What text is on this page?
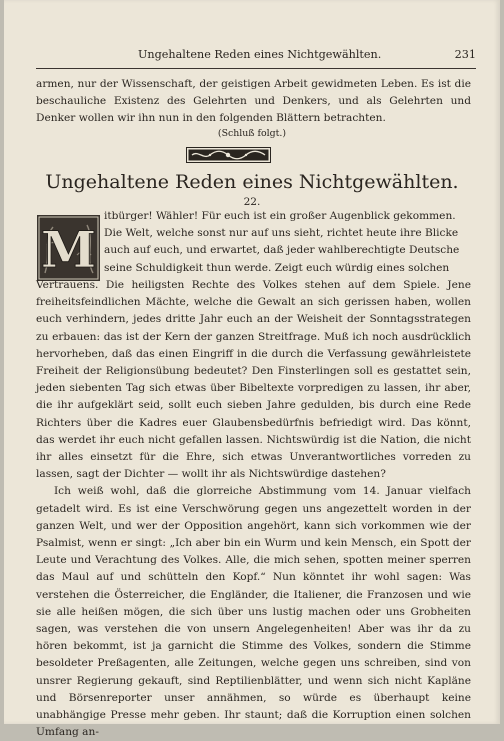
Ungehaltene Reden eines Nichtgewählten.	231

armen, nur der Wissenschaft, der geistigen Arbeit gewidmeten Leben. Es ist die beschauliche Existenz des Gelehrten und Denkers, und als Gelehrten und Denker wollen wir ihn nun in den folgenden Blättern betrachten.

(Schluß folgt.)
Ungehaltene Reden eines Nichtgewählten.
22.
M
itbürger! Wähler! Für euch ist ein großer Augenblick gekommen.
Die Welt, welche sonst nur auf uns sieht, richtet heute ihre Blicke
auch auf euch, und erwartet, daß jeder wahlberechtigte Deutsche
seine Schuldigkeit thun werde. Zeigt euch würdig eines solchen

Vertrauens. Die heiligsten Rechte des Volkes stehen auf dem Spiele. Jene freiheitsfeindlichen Mächte, welche die Gewalt an sich gerissen haben, wollen euch verhindern, jedes dritte Jahr euch an der Weisheit der Sonntagsstrategen zu erbauen: das ist der Kern der ganzen Streitfrage. Muß ich noch ausdrücklich hervorheben, daß das einen Eingriff in die durch die Verfassung gewährleistete Freiheit der Religionsübung bedeutet? Den Finsterlingen soll es gestattet sein, jeden siebenten Tag sich etwas über Bibeltexte vorpredigen zu lassen, ihr aber, die ihr aufgeklärt seid, sollt euch sieben Jahre gedulden, bis durch eine Rede Richters über die Kadres euer Glaubensbedürfnis befriedigt wird. Das könnt, das werdet ihr euch nicht gefallen lassen. Nichtswürdig ist die Nation, die nicht ihr alles einsetzt für die Ehre, sich etwas Unverantwortliches vorreden zu lassen, sagt der Dichter — wollt ihr als Nichtswürdige dastehen?

Ich weiß wohl, daß die glorreiche Abstimmung vom 14. Januar vielfach getadelt wird. Es ist eine Verschwörung gegen uns angezettelt worden in der ganzen Welt, und wer der Opposition angehört, kann sich vorkommen wie der Psalmist, wenn er singt: „Ich aber bin ein Wurm und kein Mensch, ein Spott der Leute und Verachtung des Volkes. Alle, die mich sehen, spotten meiner sperren das Maul auf und schütteln den Kopf.“ Nun könntet ihr wohl sagen: Was verstehen die Österreicher, die Engländer, die Italiener, die Franzosen und wie sie alle heißen mögen, die sich über uns lustig machen oder uns Grobheiten sagen, was verstehen die von unsern Angelegenheiten! Aber was ihr da zu hören bekommt, ist ja garnicht die Stimme des Volkes, sondern die Stimme besoldeter Preßagenten, alle Zeitungen, welche gegen uns schreiben, sind von unsrer Regierung gekauft, sind Reptilienblätter, und wenn sich nicht Kapläne und Börsenreporter unser annähmen, so würde es überhaupt keine unabhängige Presse mehr geben. Ihr staunt; daß die Korruption einen solchen Umfang an-
